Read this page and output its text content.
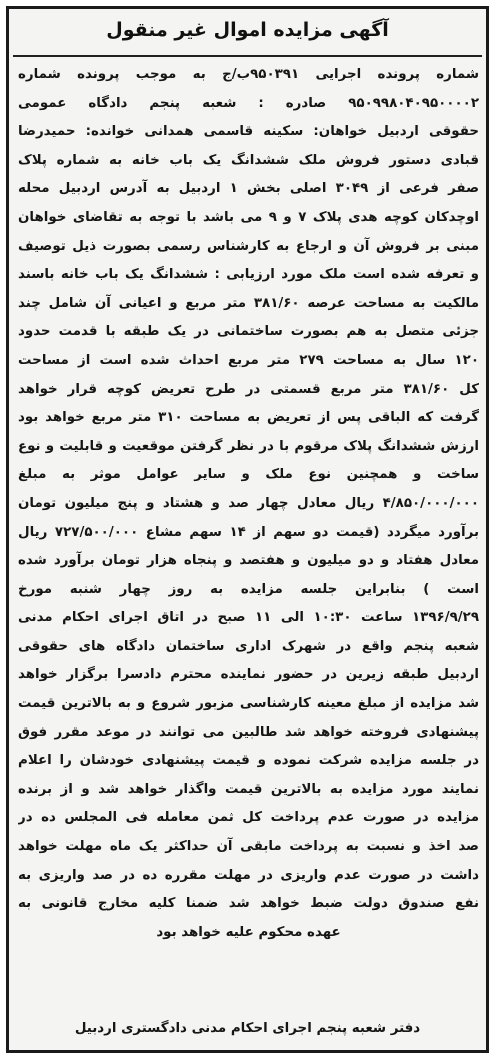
آگهی مزایده اموال غیر منقول
شماره پرونده اجرایی ۹۵۰۳۹۱ب/ج به موجب پرونده شماره
۹۵۰۹۹۸۰۴۰۹۵۰۰۰۰۲ صادره : شعبه پنجم دادگاه عمومی
حقوقی اردبیل خواهان: سکینه قاسمی همدانی خوانده: حمیدرضا
قبادی دستور فروش ملک ششدانگ یک باب خانه به شماره پلاک
صفر فرعی از ۳۰۴۹ اصلی بخش ۱ اردبیل به آدرس اردبیل محله
اوچدکان کوچه هدی پلاک ۷ و ۹ می باشد با توجه به تقاضای خواهان
مبنی بر فروش آن و ارجاع به کارشناس رسمی بصورت ذیل توصیف
و تعرفه شده است ملک مورد ارزیابی : ششدانگ یک باب خانه باسند
مالکیت به مساحت عرصه ۳۸۱/۶۰ متر مربع و اعیانی آن شامل چند
جزئی متصل به هم بصورت ساختمانی در یک طبقه با قدمت حدود
۱۲۰ سال به مساحت ۲۷۹ متر مربع احداث شده است از مساحت
کل ۳۸۱/۶۰ متر مربع قسمتی در طرح تعریض کوچه قرار خواهد
گرفت که الباقی پس از تعریض به مساحت ۳۱۰ متر مربع خواهد بود
ارزش ششدانگ پلاک مرقوم با در نظر گرفتن موقعیت و قابلیت و نوع
ساخت و همچنین نوع ملک و سایر عوامل موثر به مبلغ
۴/۸۵۰/۰۰۰/۰۰۰ ریال معادل چهار صد و هشتاد و پنج میلیون تومان
برآورد میگردد (قیمت دو سهم از ۱۴ سهم مشاع ۷۲۷/۵۰۰/۰۰۰ ریال
معادل هفتاد و دو میلیون و هفتصد و پنجاه هزار تومان برآورد شده
است ) بنابراین جلسه مزایده به روز چهار شنبه مورخ
۱۳۹۶/۹/۲۹ ساعت ۱۰:۳۰ الی ۱۱ صبح در اتاق اجرای احکام مدنی
شعبه پنجم واقع در شهرک اداری ساختمان دادگاه های حقوقی
اردبیل طبقه زیرین در حضور نماینده محترم دادسرا برگزار خواهد
شد مزایده از مبلغ معینه کارشناسی مزبور شروع و به بالاترین قیمت
پیشنهادی فروخته خواهد شد طالبین می توانند در موعد مقرر فوق
در جلسه مزایده شرکت نموده و قیمت پیشنهادی خودشان را اعلام
نمایند مورد مزایده به بالاترین قیمت واگذار خواهد شد و از برنده
مزایده در صورت عدم پرداخت کل ثمن معامله فی المجلس ده در
صد اخذ و نسبت به پرداخت مابقی آن حداکثر یک ماه مهلت خواهد
داشت در صورت عدم واریزی در مهلت مقرره ده در صد واریزی به
نفع صندوق دولت ضبط خواهد شد ضمنا کلیه مخارج قانونی به
عهده محکوم علیه خواهد بود
دفتر شعبه پنجم اجرای احکام مدنی دادگستری اردبیل
